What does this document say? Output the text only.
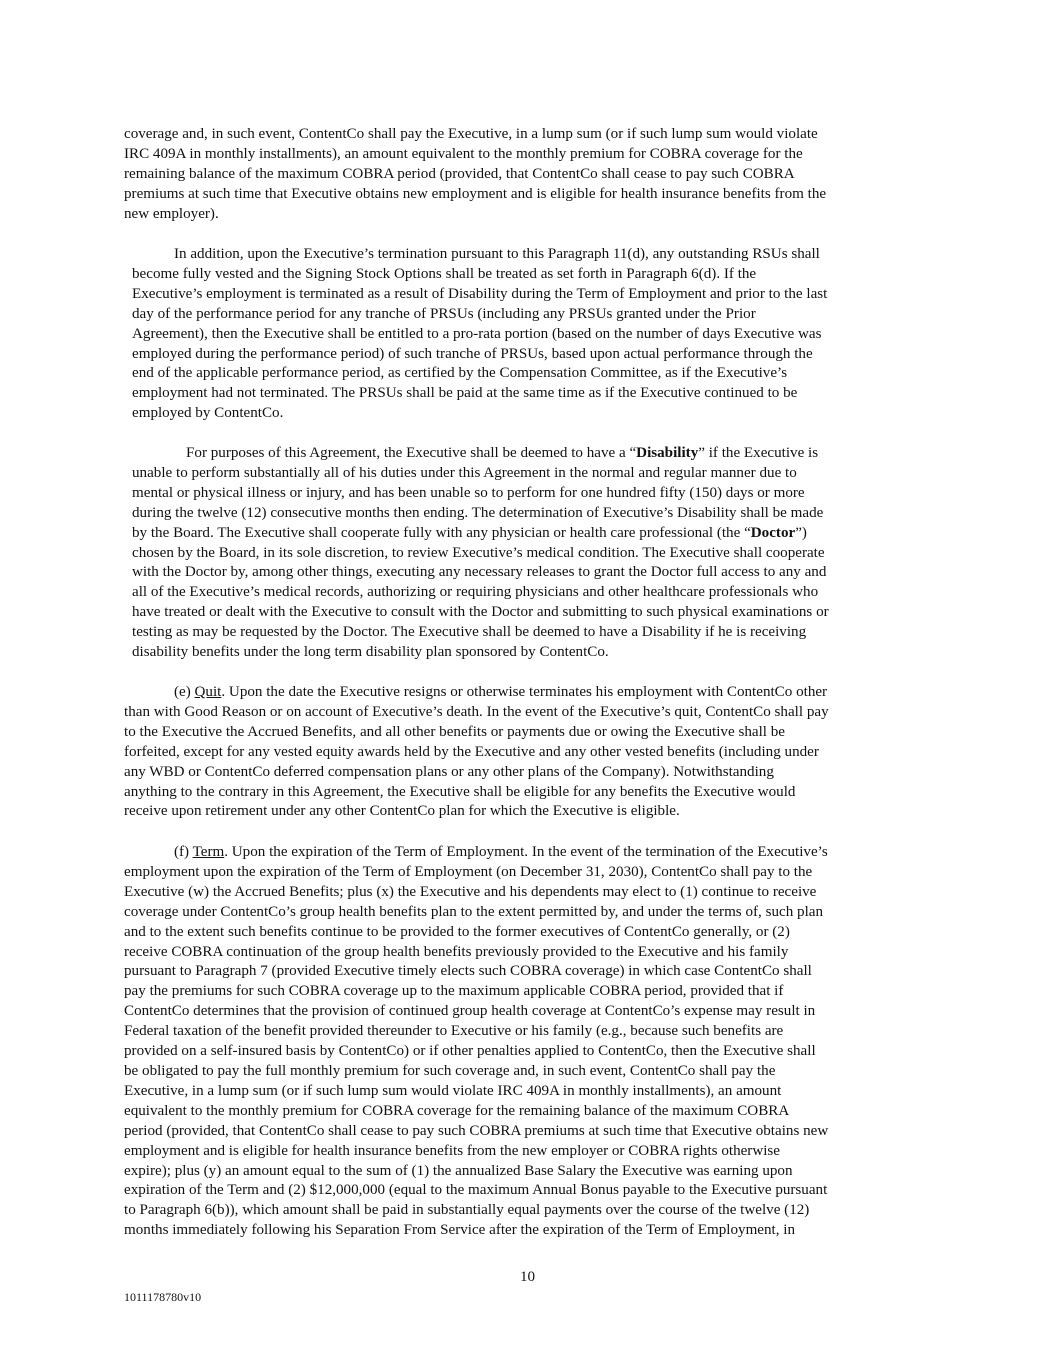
coverage and, in such event, ContentCo shall pay the Executive, in a lump sum (or if such lump sum would violate
IRC 409A in monthly installments), an amount equivalent to the monthly premium for COBRA coverage for the
remaining balance of the maximum COBRA period (provided, that ContentCo shall cease to pay such COBRA
premiums at such time that Executive obtains new employment and is eligible for health insurance benefits from the
new employer).
In addition, upon the Executive’s termination pursuant to this Paragraph 11(d), any outstanding RSUs shall
become fully vested and the Signing Stock Options shall be treated as set forth in Paragraph 6(d). If the
Executive’s employment is terminated as a result of Disability during the Term of Employment and prior to the last
day of the performance period for any tranche of PRSUs (including any PRSUs granted under the Prior
Agreement), then the Executive shall be entitled to a pro-rata portion (based on the number of days Executive was
employed during the performance period) of such tranche of PRSUs, based upon actual performance through the
end of the applicable performance period, as certified by the Compensation Committee, as if the Executive’s
employment had not terminated. The PRSUs shall be paid at the same time as if the Executive continued to be
employed by ContentCo.
For purposes of this Agreement, the Executive shall be deemed to have a “Disability” if the Executive is
unable to perform substantially all of his duties under this Agreement in the normal and regular manner due to
mental or physical illness or injury, and has been unable so to perform for one hundred fifty (150) days or more
during the twelve (12) consecutive months then ending. The determination of Executive’s Disability shall be made
by the Board. The Executive shall cooperate fully with any physician or health care professional (the “Doctor”)
chosen by the Board, in its sole discretion, to review Executive’s medical condition. The Executive shall cooperate
with the Doctor by, among other things, executing any necessary releases to grant the Doctor full access to any and
all of the Executive’s medical records, authorizing or requiring physicians and other healthcare professionals who
have treated or dealt with the Executive to consult with the Doctor and submitting to such physical examinations or
testing as may be requested by the Doctor. The Executive shall be deemed to have a Disability if he is receiving
disability benefits under the long term disability plan sponsored by ContentCo.
(e) Quit. Upon the date the Executive resigns or otherwise terminates his employment with ContentCo other
than with Good Reason or on account of Executive’s death. In the event of the Executive’s quit, ContentCo shall pay
to the Executive the Accrued Benefits, and all other benefits or payments due or owing the Executive shall be
forfeited, except for any vested equity awards held by the Executive and any other vested benefits (including under
any WBD or ContentCo deferred compensation plans or any other plans of the Company). Notwithstanding
anything to the contrary in this Agreement, the Executive shall be eligible for any benefits the Executive would
receive upon retirement under any other ContentCo plan for which the Executive is eligible.
(f) Term. Upon the expiration of the Term of Employment. In the event of the termination of the Executive’s
employment upon the expiration of the Term of Employment (on December 31, 2030), ContentCo shall pay to the
Executive (w) the Accrued Benefits; plus (x) the Executive and his dependents may elect to (1) continue to receive
coverage under ContentCo’s group health benefits plan to the extent permitted by, and under the terms of, such plan
and to the extent such benefits continue to be provided to the former executives of ContentCo generally, or (2)
receive COBRA continuation of the group health benefits previously provided to the Executive and his family
pursuant to Paragraph 7 (provided Executive timely elects such COBRA coverage) in which case ContentCo shall
pay the premiums for such COBRA coverage up to the maximum applicable COBRA period, provided that if
ContentCo determines that the provision of continued group health coverage at ContentCo’s expense may result in
Federal taxation of the benefit provided thereunder to Executive or his family (e.g., because such benefits are
provided on a self-insured basis by ContentCo) or if other penalties applied to ContentCo, then the Executive shall
be obligated to pay the full monthly premium for such coverage and, in such event, ContentCo shall pay the
Executive, in a lump sum (or if such lump sum would violate IRC 409A in monthly installments), an amount
equivalent to the monthly premium for COBRA coverage for the remaining balance of the maximum COBRA
period (provided, that ContentCo shall cease to pay such COBRA premiums at such time that Executive obtains new
employment and is eligible for health insurance benefits from the new employer or COBRA rights otherwise
expire); plus (y) an amount equal to the sum of (1) the annualized Base Salary the Executive was earning upon
expiration of the Term and (2) $12,000,000 (equal to the maximum Annual Bonus payable to the Executive pursuant
to Paragraph 6(b)), which amount shall be paid in substantially equal payments over the course of the twelve (12)
months immediately following his Separation From Service after the expiration of the Term of Employment, in
10
1011178780v10
